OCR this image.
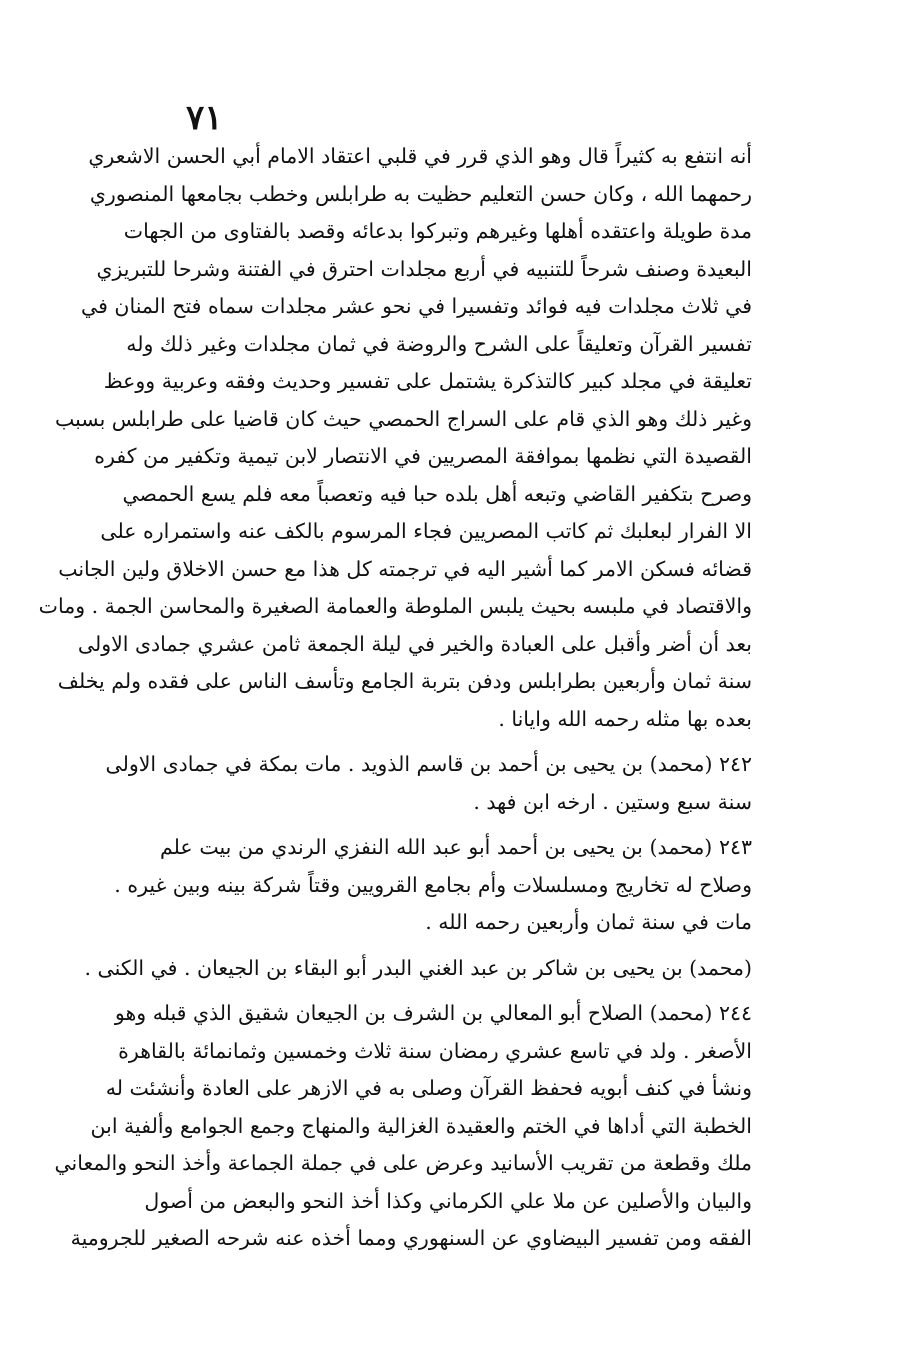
٧١
أنه انتفع به كثيراً قال وهو الذي قرر في قلبي اعتقاد الامام أبي الحسن الاشعري
رحمهما الله ، وكان حسن التعليم حظيت به طرابلس وخطب بجامعها المنصوري
مدة طويلة واعتقده أهلها وغيرهم وتبركوا بدعائه وقصد بالفتاوى من الجهات
البعيدة وصنف شرحاً للتنبيه في أربع مجلدات احترق في الفتنة وشرحا للتبريزي
في ثلاث مجلدات فيه فوائد وتفسيرا في نحو عشر مجلدات سماه فتح المنان في
تفسير القرآن وتعليقاً على الشرح والروضة في ثمان مجلدات وغير ذلك وله
تعليقة في مجلد كبير كالتذكرة يشتمل على تفسير وحديث وفقه وعربية ووعظ
وغير ذلك وهو الذي قام على السراج الحمصي حيث كان قاضيا على طرابلس بسبب
القصيدة التي نظمها بموافقة المصريين في الانتصار لابن تيمية وتكفير من كفره
وصرح بتكفير القاضي وتبعه أهل بلده حبا فيه وتعصباً معه فلم يسع الحمصي
الا الفرار لبعلبك ثم كاتب المصريين فجاء المرسوم بالكف عنه واستمراره على
قضائه فسكن الامر كما أشير اليه في ترجمته كل هذا مع حسن الاخلاق ولين الجانب
والاقتصاد في ملبسه بحيث يلبس الملوطة والعمامة الصغيرة والمحاسن الجمة . ومات
بعد أن أضر وأقبل على العبادة والخير في ليلة الجمعة ثامن عشري جمادى الاولى
سنة ثمان وأربعين بطرابلس ودفن بتربة الجامع وتأسف الناس على فقده ولم يخلف
بعده بها مثله رحمه الله وايانا .
٢٤٢ (محمد) بن يحيى بن أحمد بن قاسم الذويد . مات بمكة في جمادى الاولى
سنة سبع وستين . ارخه ابن فهد .
٢٤٣ (محمد) بن يحيى بن أحمد أبو عبد الله النفزي الرندي من بيت علم
وصلاح له تخاريج ومسلسلات وأم بجامع القرويين وقتاً شركة بينه وبين غيره .
مات في سنة ثمان وأربعين رحمه الله .
(محمد) بن يحيى بن شاكر بن عبد الغني البدر أبو البقاء بن الجيعان . في الكنى .
٢٤٤ (محمد) الصلاح أبو المعالي بن الشرف بن الجيعان شقيق الذي قبله وهو
الأصغر . ولد في تاسع عشري رمضان سنة ثلاث وخمسين وثمانمائة بالقاهرة
ونشأ في كنف أبويه فحفظ القرآن وصلى به في الازهر على العادة وأنشئت له
الخطبة التي أداها في الختم والعقيدة الغزالية والمنهاج وجمع الجوامع وألفية ابن
ملك وقطعة من تقريب الأسانيد وعرض على في جملة الجماعة وأخذ النحو والمعاني
والبيان والأصلين عن ملا علي الكرماني وكذا أخذ النحو والبعض من أصول
الفقه ومن تفسير البيضاوي عن السنهوري ومما أخذه عنه شرحه الصغير للجرومية
